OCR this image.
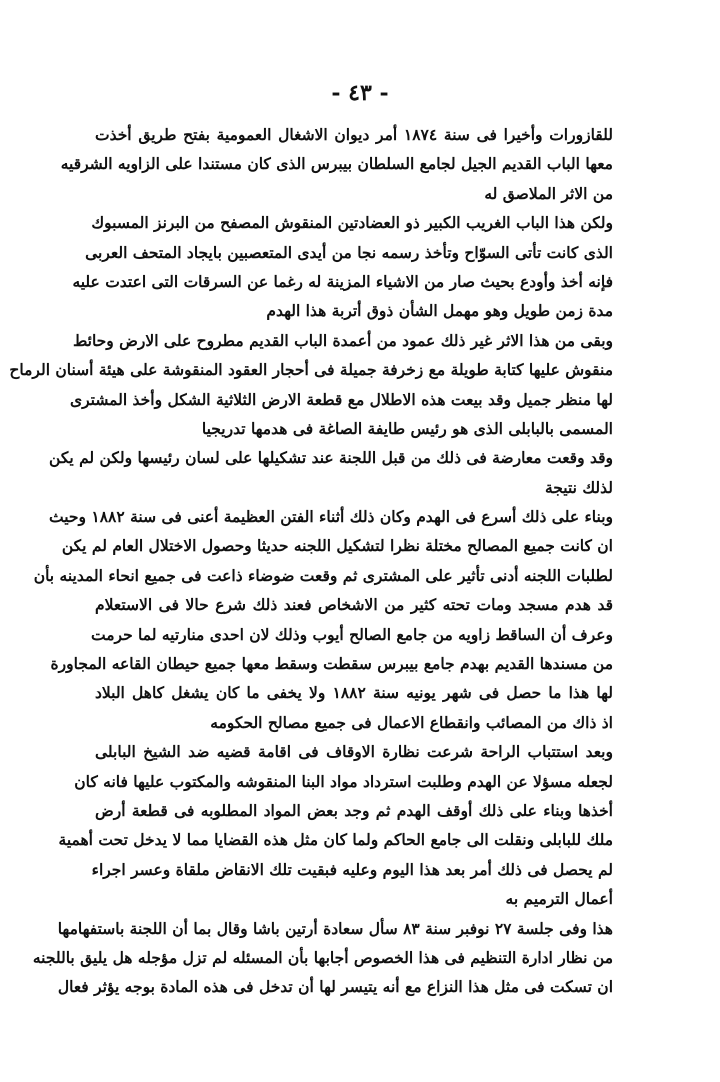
- ٤٣ -
للقازورات وأخيرا فى سنة ١٨٧٤ أمر ديوان الاشغال العمومية بفتح طريق أخذت
معها الباب القديم الجيل لجامع السلطان بيبرس الذى كان مستندا على الزاويه الشرقيه
من الاثر الملاصق له
ولكن هذا الباب الغريب الكبير ذو العضادتين المنقوش المصفح من البرنز المسبوك
الذى كانت تأتى السوّاح وتأخذ رسمه نجا من أيدى المتعصبين بايجاد المتحف العربى
فإنه أخذ وأودع بحيث صار من الاشياء المزينة له رغما عن السرقات التى اعتدت عليه
مدة زمن طويل وهو مهمل الشأن ذوق أتربة هذا الهدم
وبقى من هذا الاثر غير ذلك عمود من أعمدة الباب القديم مطروح على الارض وحائط
منقوش عليها كتابة طويلة مع زخرفة جميلة فى أحجار العقود المنقوشة على هيئة أسنان الرماح
لها منظر جميل وقد بيعت هذه الاطلال مع قطعة الارض الثلاثية الشكل وأخذ المشترى
المسمى بالبابلى الذى هو رئيس طايفة الصاغة فى هدمها تدريجيا
وقد وقعت معارضة فى ذلك من قبل اللجنة عند تشكيلها على لسان رئيسها ولكن لم يكن
لذلك نتيجة
وبناء على ذلك أسرع فى الهدم وكان ذلك أثناء الفتن العظيمة أعنى فى سنة ١٨٨٢ وحيث
ان كانت جميع المصالح مختلة نظرا لتشكيل اللجنه حديثا وحصول الاختلال العام لم يكن
لطلبات اللجنه أدنى تأثير على المشترى ثم وقعت ضوضاء ذاعت فى جميع انحاء المدينه بأن
قد هدم مسجد ومات تحته كثير من الاشخاص فعند ذلك شرع حالا فى الاستعلام
وعرف أن الساقط زاويه من جامع الصالح أيوب وذلك لان احدى منارتيه لما حرمت
من مسندها القديم بهدم جامع بيبرس سقطت وسقط معها جميع حيطان القاعه المجاورة
لها هذا ما حصل فى شهر يونيه سنة ١٨٨٢ ولا يخفى ما كان يشغل كاهل البلاد
اذ ذاك من المصائب وانقطاع الاعمال فى جميع مصالح الحكومه
وبعد استتباب الراحة شرعت نظارة الاوقاف فى اقامة قضيه ضد الشيخ البابلى
لجعله مسؤلا عن الهدم وطلبت استرداد مواد البنا المنقوشه والمكتوب عليها فانه كان
أخذها وبناء على ذلك أوقف الهدم ثم وجد بعض المواد المطلوبه فى قطعة أرض
ملك للبابلى ونقلت الى جامع الحاكم ولما كان مثل هذه القضايا مما لا يدخل تحت أهمية
لم يحصل فى ذلك أمر بعد هذا اليوم وعليه فبقيت تلك الانقاض ملقاة وعسر اجراء
أعمال الترميم به
هذا وفى جلسة ٢٧ نوفبر سنة ٨٣ سأل سعادة أرتين باشا وقال بما أن اللجنة باستفهامها
من نظار ادارة التنظيم فى هذا الخصوص أجابها بأن المسئله لم تزل مؤجله هل يليق باللجنه
ان تسكت فى مثل هذا النزاع مع أنه يتيسر لها أن تدخل فى هذه المادة بوجه يؤثر فعال
